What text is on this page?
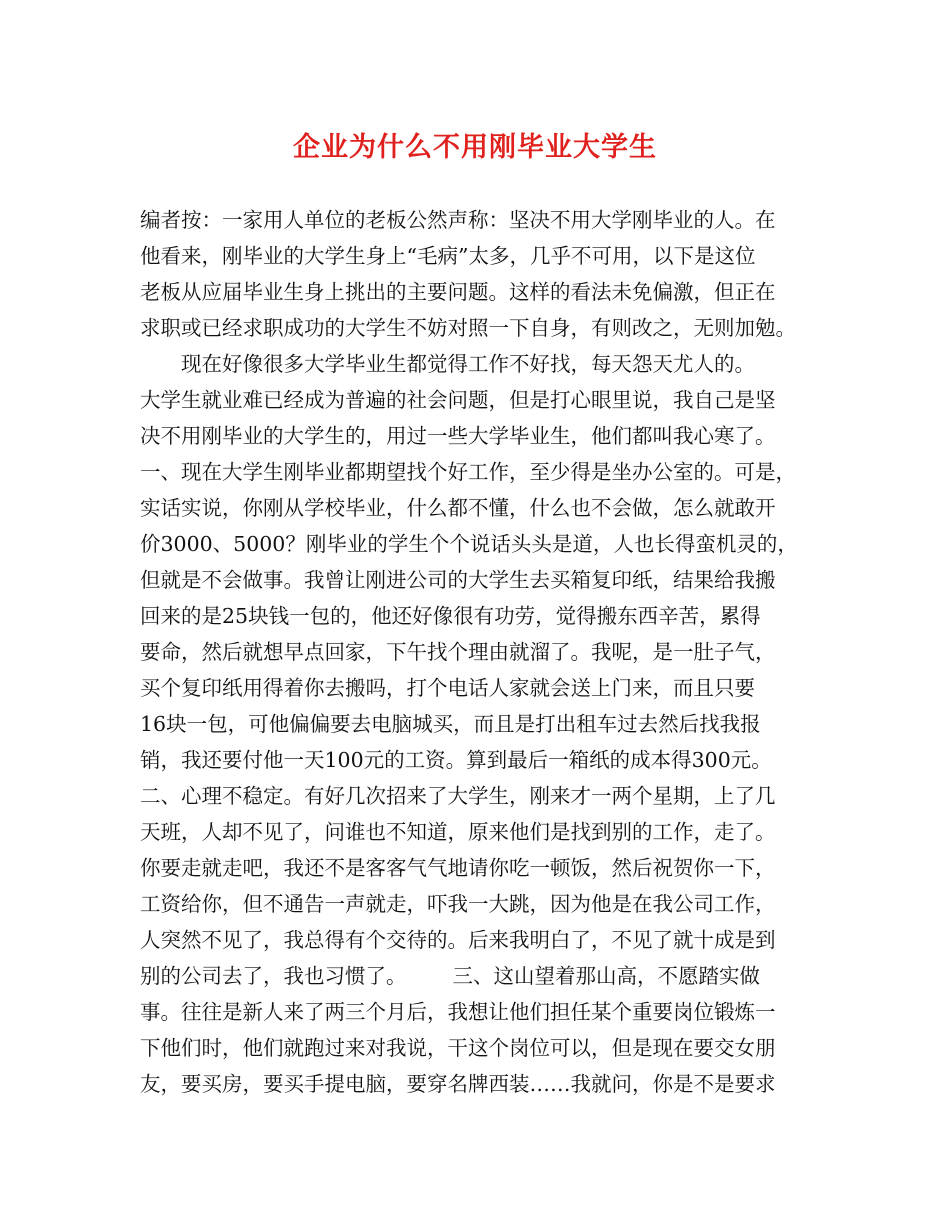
企业为什么不用刚毕业大学生
编者按：一家用人单位的老板公然声称：坚决不用大学刚毕业的人。在
他看来，刚毕业的大学生身上“毛病”太多，几乎不可用，以下是这位
老板从应届毕业生身上挑出的主要问题。这样的看法未免偏激，但正在
求职或已经求职成功的大学生不妨对照一下自身，有则改之，无则加勉。
　　现在好像很多大学毕业生都觉得工作不好找，每天怨天尤人的。
大学生就业难已经成为普遍的社会问题，但是打心眼里说，我自己是坚
决不用刚毕业的大学生的，用过一些大学毕业生，他们都叫我心寒了。
一、现在大学生刚毕业都期望找个好工作，至少得是坐办公室的。可是，
实话实说，你刚从学校毕业，什么都不懂，什么也不会做，怎么就敢开
价3000、5000？刚毕业的学生个个说话头头是道，人也长得蛮机灵的，
但就是不会做事。我曾让刚进公司的大学生去买箱复印纸，结果给我搬
回来的是25块钱一包的，他还好像很有功劳，觉得搬东西辛苦，累得
要命，然后就想早点回家，下午找个理由就溜了。我呢，是一肚子气，
买个复印纸用得着你去搬吗，打个电话人家就会送上门来，而且只要
16块一包，可他偏偏要去电脑城买，而且是打出租车过去然后找我报
销，我还要付他一天100元的工资。算到最后一箱纸的成本得300元。
二、心理不稳定。有好几次招来了大学生，刚来才一两个星期，上了几
天班，人却不见了，问谁也不知道，原来他们是找到别的工作，走了。
你要走就走吧，我还不是客客气气地请你吃一顿饭，然后祝贺你一下，
工资给你，但不通告一声就走，吓我一大跳，因为他是在我公司工作，
人突然不见了，我总得有个交待的。后来我明白了，不见了就十成是到
别的公司去了，我也习惯了。 三、这山望着那山高，不愿踏实做
事。往往是新人来了两三个月后，我想让他们担任某个重要岗位锻炼一
下他们时，他们就跑过来对我说，干这个岗位可以，但是现在要交女朋
友，要买房，要买手提电脑，要穿名牌西装……我就问，你是不是要求
